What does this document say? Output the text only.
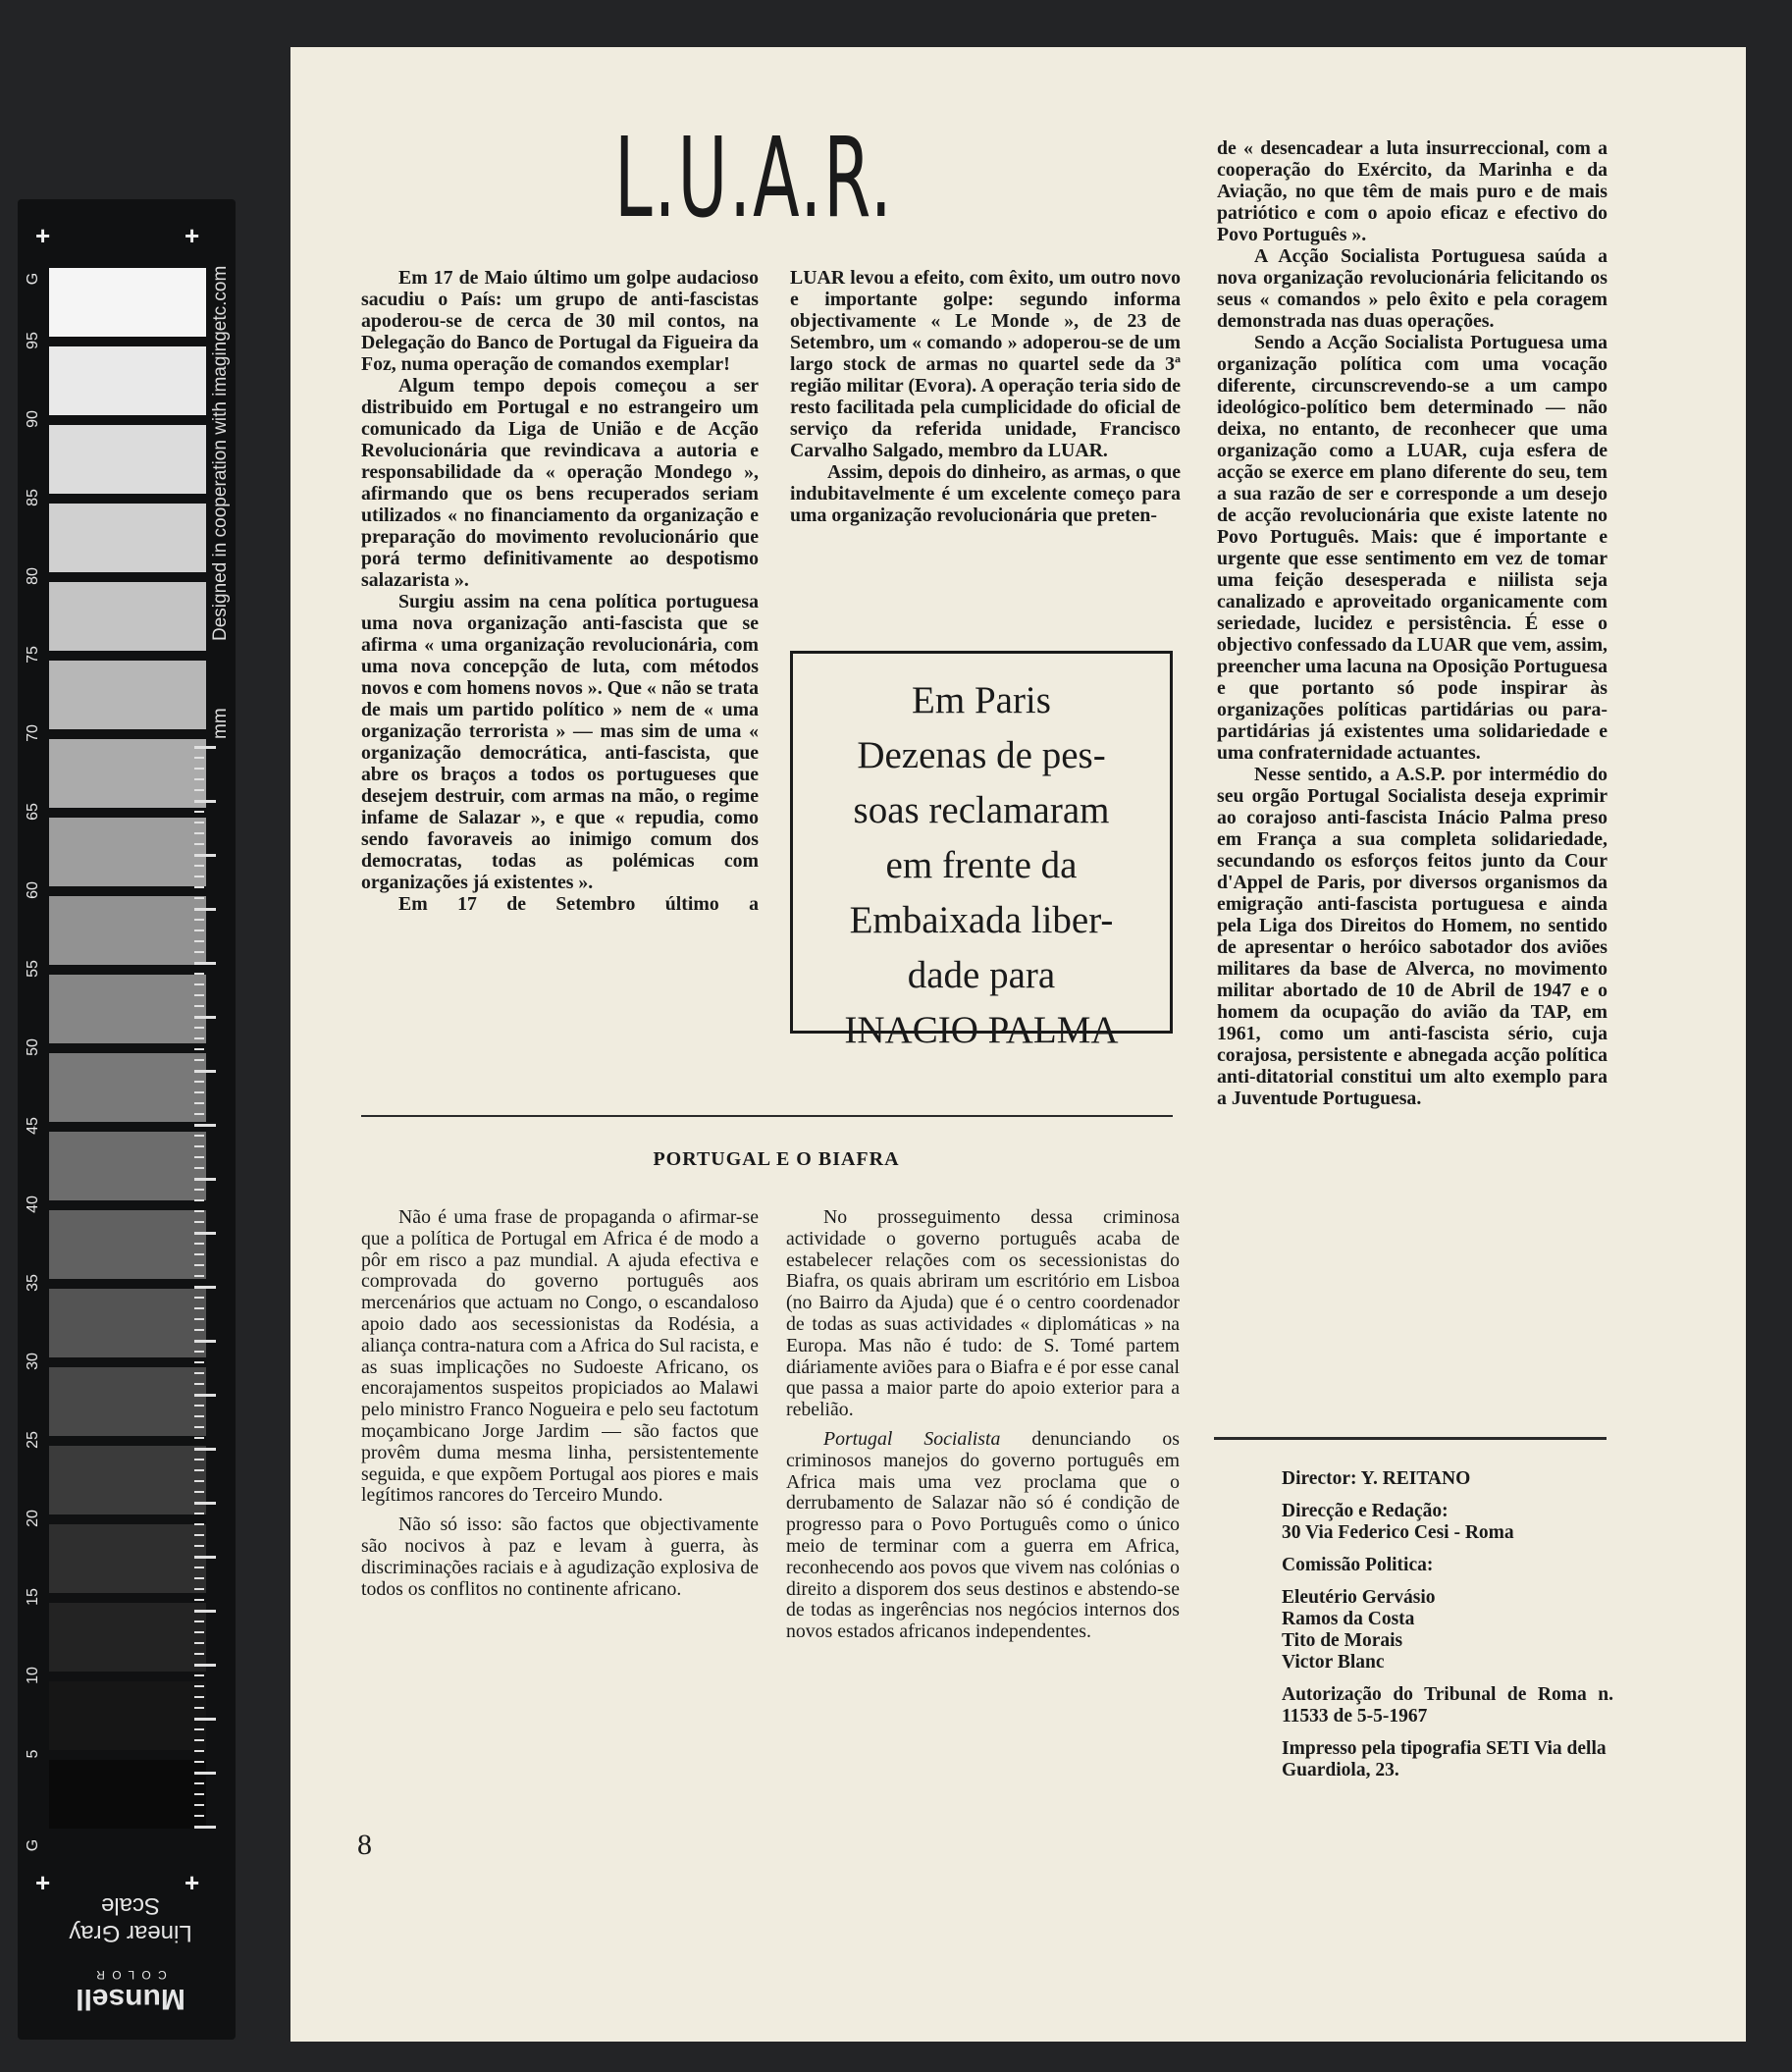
+	+
G
95
90
85
80
75
70
65
60
55
50
45
40
35
30
25
20
15
10
5
G
+	+
Designed in cooperation with imagingetc.com
mm
Linear Gray Scale
Munsell
C O L O R
L.U.A.R.

Em 17 de Maio último um golpe audacioso sacudiu o País: um grupo de anti-fascistas apoderou-se de cerca de 30 mil contos, na Delegação do Banco de Portugal da Figueira da Foz, numa operação de comandos exemplar!

Algum tempo depois começou a ser distribuido em Portugal e no estrangeiro um comunicado da Liga de União e de Acção Revolucionária que revindicava a autoria e responsabilidade da « operação Mondego », afirmando que os bens recuperados seriam utilizados « no financiamento da organização e preparação do movimento revolucionário que porá termo definitivamente ao despotismo salazarista ».

Surgiu assim na cena política portuguesa uma nova organização anti-fascista que se afirma « uma organização revolucionária, com uma nova concepção de luta, com métodos novos e com homens novos ». Que « não se trata de mais um partido político » nem de « uma organização terrorista » — mas sim de uma « organização democrática, anti-fascista, que abre os braços a todos os portugueses que desejem destruir, com armas na mão, o regime infame de Salazar », e que « repudia, como sendo favoraveis ao inimigo comum dos democratas, todas as polémicas com organizações já existentes ».

Em 17 de Setembro último a

LUAR levou a efeito, com êxito, um outro novo e importante golpe: segundo informa objectivamente « Le Monde », de 23 de Setembro, um « comando » adoperou-se de um largo stock de armas no quartel sede da 3ª região militar (Evora). A operação teria sido de resto facilitada pela cumplicidade do oficial de serviço da referida unidade, Francisco Carvalho Salgado, membro da LUAR.

Assim, depois do dinheiro, as armas, o que indubitavelmente é um excelente começo para uma organização revolucionária que preten-

Em Paris
Dezenas de pes-
soas reclamaram
em frente da
Embaixada liber-
dade para
INACIO PALMA

de « desencadear a luta insurreccional, com a cooperação do Exército, da Marinha e da Aviação, no que têm de mais puro e de mais patriótico e com o apoio eficaz e efectivo do Povo Português ».

A Acção Socialista Portuguesa saúda a nova organização revolucionária felicitando os seus « comandos » pelo êxito e pela coragem demonstrada nas duas operações.

Sendo a Acção Socialista Portuguesa uma organização política com uma vocação diferente, circunscrevendo-se a um campo ideológico-político bem determinado — não deixa, no entanto, de reconhecer que uma organização como a LUAR, cuja esfera de acção se exerce em plano diferente do seu, tem a sua razão de ser e corresponde a um desejo de acção revolucionária que existe latente no Povo Português. Mais: que é importante e urgente que esse sentimento em vez de tomar uma feição desesperada e niilista seja canalizado e aproveitado organicamente com seriedade, lucidez e persistência. É esse o objectivo confessado da LUAR que vem, assim, preencher uma lacuna na Oposição Portuguesa e que portanto só pode inspirar às organizações políticas partidárias ou para-partidárias já existentes uma solidariedade e uma confraternidade actuantes.

Nesse sentido, a A.S.P. por intermédio do seu orgão Portugal Socialista deseja exprimir ao corajoso anti-fascista Inácio Palma preso em França a sua completa solidariedade, secundando os esforços feitos junto da Cour d'Appel de Paris, por diversos organismos da emigração anti-fascista portuguesa e ainda pela Liga dos Direitos do Homem, no sentido de apresentar o heróico sabotador dos aviões militares da base de Alverca, no movimento militar abortado de 10 de Abril de 1947 e o homem da ocupação do avião da TAP, em 1961, como um anti-fascista sério, cuja corajosa, persistente e abnegada acção política anti-ditatorial constitui um alto exemplo para a Juventude Portuguesa.

PORTUGAL E O BIAFRA

Não é uma frase de propaganda o afirmar-se que a política de Portugal em Africa é de modo a pôr em risco a paz mundial. A ajuda efectiva e comprovada do governo português aos mercenários que actuam no Congo, o escandaloso apoio dado aos secessionistas da Rodésia, a aliança contra-natura com a Africa do Sul racista, e as suas implicações no Sudoeste Africano, os encorajamentos suspeitos propiciados ao Malawi pelo ministro Franco Nogueira e pelo seu factotum moçambicano Jorge Jardim — são factos que provêm duma mesma linha, persistentemente seguida, e que expõem Portugal aos piores e mais legítimos rancores do Terceiro Mundo.

Não só isso: são factos que objectivamente são nocivos à paz e levam à guerra, às discriminações raciais e à agudização explosiva de todos os conflitos no continente africano.

No prosseguimento dessa criminosa actividade o governo português acaba de estabelecer relações com os secessionistas do Biafra, os quais abriram um escritório em Lisboa (no Bairro da Ajuda) que é o centro coordenador de todas as suas actividades « diplomáticas » na Europa. Mas não é tudo: de S. Tomé partem diáriamente aviões para o Biafra e é por esse canal que passa a maior parte do apoio exterior para a rebelião.

Portugal Socialista denunciando os criminosos manejos do governo português em Africa mais uma vez proclama que o derrubamento de Salazar não só é condição de progresso para o Povo Português como o único meio de terminar com a guerra em Africa, reconhecendo aos povos que vivem nas colónias o direito a disporem dos seus destinos e abstendo-se de todas as ingerências nos negócios internos dos novos estados africanos independentes.

Director: Y. REITANO

Direcção e Redação:

30 Via Federico Cesi - Roma

Comissão Politica:

Eleutério Gervásio

Ramos da Costa

Tito de Morais

Victor Blanc

Autorização do Tribunal de Roma n. 11533 de 5-5-1967

Impresso pela tipografia SETI Via della Guardiola, 23.

8
